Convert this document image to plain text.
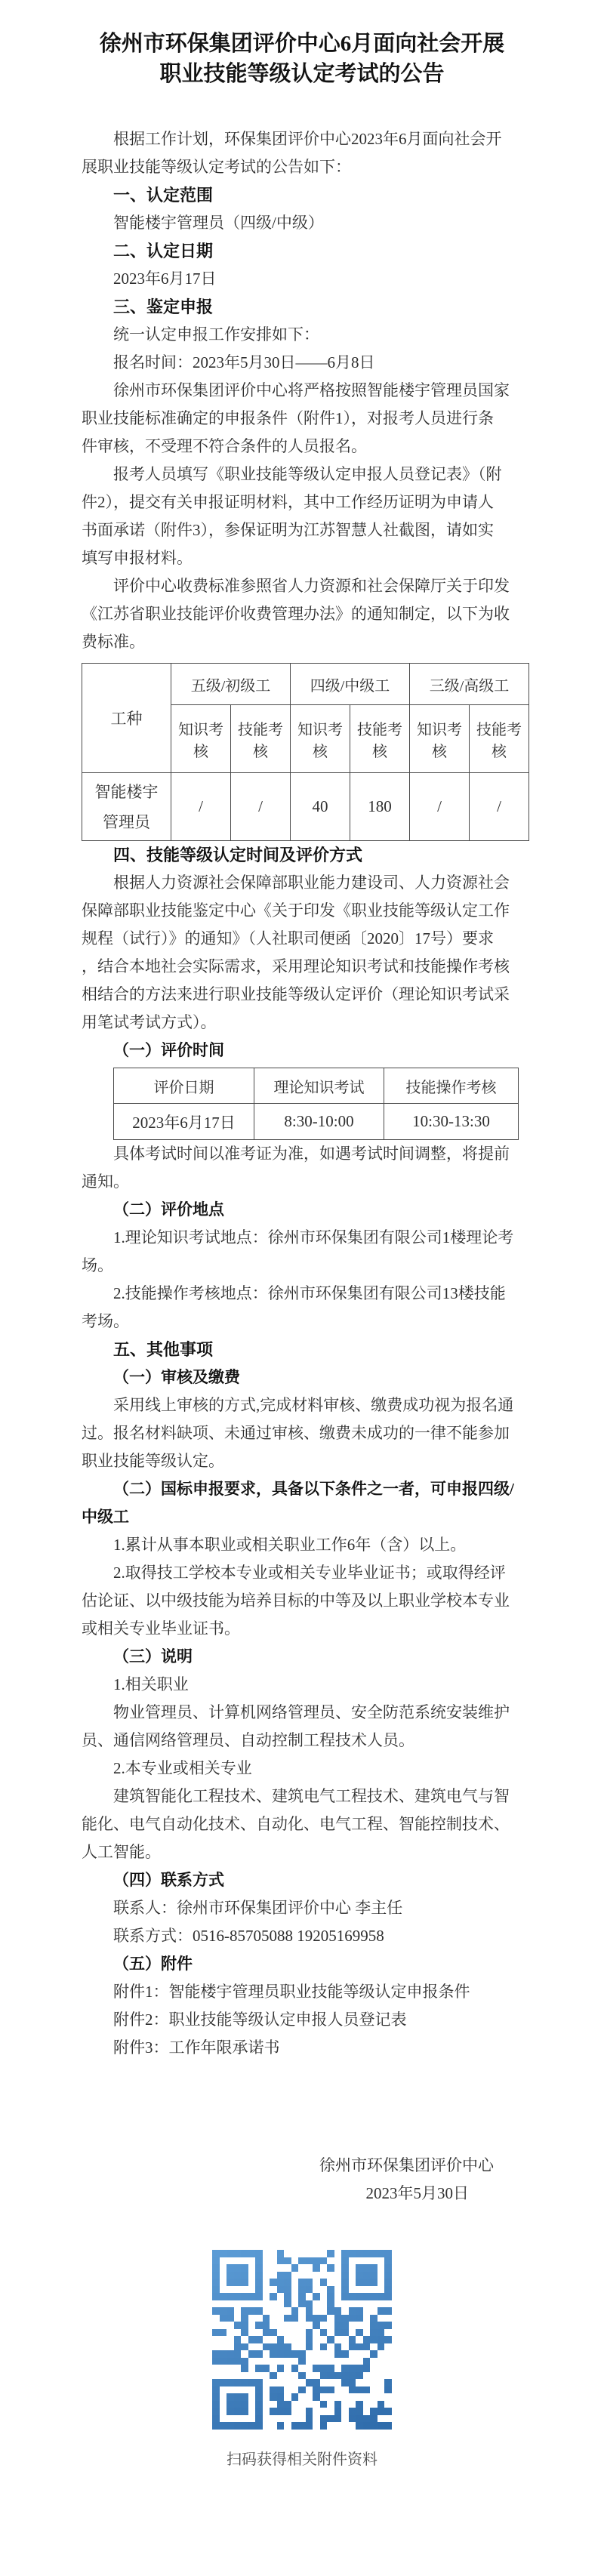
徐州市环保集团评价中心6月面向社会开展
职业技能等级认定考试的公告
根据工作计划，环保集团评价中心2023年6月面向社会开
展职业技能等级认定考试的公告如下：
一、认定范围
智能楼宇管理员（四级/中级）
二、认定日期
2023年6月17日
三、鉴定申报
统一认定申报工作安排如下：
报名时间：2023年5月30日——6月8日
徐州市环保集团评价中心将严格按照智能楼宇管理员国家
职业技能标准确定的申报条件（附件1），对报考人员进行条
件审核，不受理不符合条件的人员报名。
报考人员填写《职业技能等级认定申报人员登记表》（附
件2），提交有关申报证明材料，其中工作经历证明为申请人
书面承诺（附件3），参保证明为江苏智慧人社截图，请如实
填写申报材料。
评价中心收费标准参照省人力资源和社会保障厅关于印发
《江苏省职业技能评价收费管理办法》的通知制定，以下为收
费标准。
工种	五级/初级工		四级/中级工		三级/高级工	
	知识考核	技能考核	知识考核	技能考核	知识考核	技能考核

智能楼宇
管理员	/	/	40	180	/	/
四、技能等级认定时间及评价方式
根据人力资源社会保障部职业能力建设司、人力资源社会
保障部职业技能鉴定中心《关于印发《职业技能等级认定工作
规程（试行）》的通知》（人社职司便函〔2020〕17号）要求
，结合本地社会实际需求，采用理论知识考试和技能操作考核
相结合的方法来进行职业技能等级认定评价（理论知识考试采
用笔试考试方式）。
（一）评价时间
评价日期	理论知识考试	技能操作考核
2023年6月17日	8:30-10:00	10:30-13:30
具体考试时间以准考证为准，如遇考试时间调整，将提前
通知。
（二）评价地点
1.理论知识考试地点：徐州市环保集团有限公司1楼理论考
场。
2.技能操作考核地点：徐州市环保集团有限公司13楼技能
考场。
五、其他事项
（一）审核及缴费
采用线上审核的方式,完成材料审核、缴费成功视为报名通
过。报名材料缺项、未通过审核、缴费未成功的一律不能参加
职业技能等级认定。
（二）国标申报要求，具备以下条件之一者，可申报四级/
中级工
1.累计从事本职业或相关职业工作6年（含）以上。
2.取得技工学校本专业或相关专业毕业证书；或取得经评
估论证、以中级技能为培养目标的中等及以上职业学校本专业
或相关专业毕业证书。
（三）说明
1.相关职业
物业管理员、计算机网络管理员、安全防范系统安装维护
员、通信网络管理员、自动控制工程技术人员。
2.本专业或相关专业
建筑智能化工程技术、建筑电气工程技术、建筑电气与智
能化、电气自动化技术、自动化、电气工程、智能控制技术、
人工智能。
（四）联系方式
联系人：徐州市环保集团评价中心 李主任
联系方式：0516-85705088 19205169958
（五）附件
附件1：智能楼宇管理员职业技能等级认定申报条件
附件2：职业技能等级认定申报人员登记表
附件3：工作年限承诺书
徐州市环保集团评价中心
2023年5月30日
扫码获得相关附件资料
